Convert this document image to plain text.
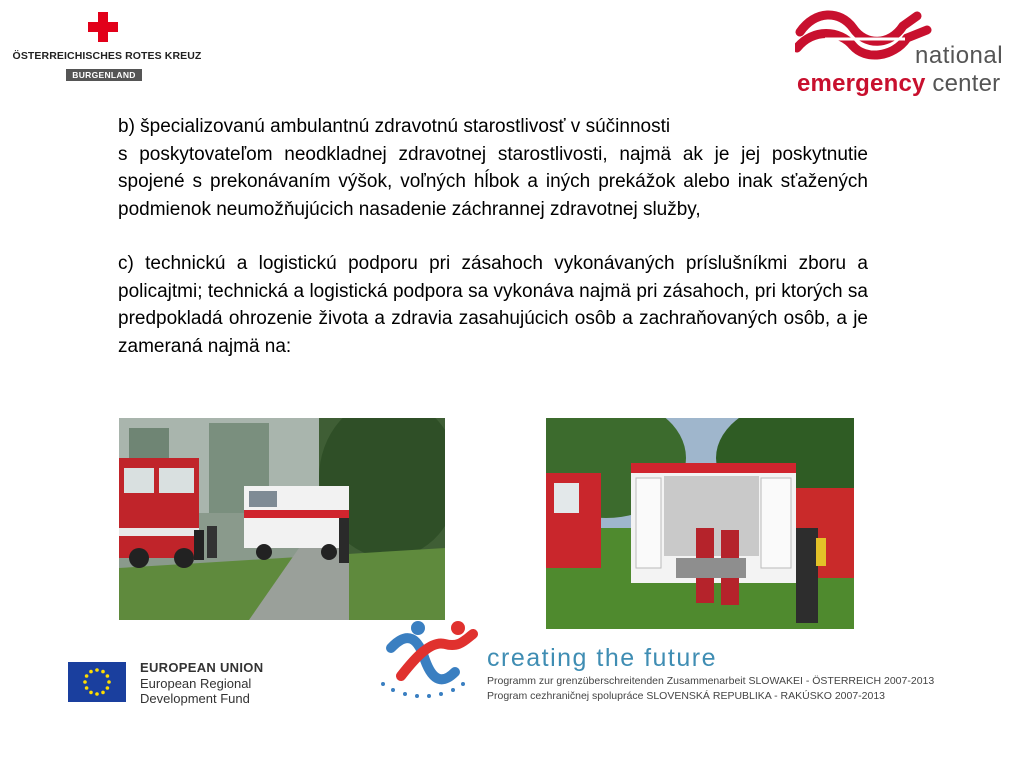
ÖSTERREICHISCHES ROTES KREUZ
BURGENLAND
national
emergency center

b) špecializovanú ambulantnú zdravotnú starostlivosť v súčinnosti

s poskytovateľom neodkladnej zdravotnej starostlivosti, najmä ak je jej poskytnutie spojené s prekonávaním výšok, voľných hĺbok a iných prekážok alebo inak sťažených podmienok neumožňujúcich nasadenie záchrannej zdravotnej služby,

c) technickú a logistickú podporu pri zásahoch vykonávaných príslušníkmi zboru a policajtmi; technická a logistická podpora sa vykonáva najmä pri zásahoch, pri ktorých sa predpokladá ohrozenie života a zdravia zasahujúcich osôb a zachraňovaných osôb, a je zameraná najmä na:

EUROPEAN UNION
European Regional
Development Fund
creating the future
Programm zur grenzüberschreitenden Zusammenarbeit SLOWAKEI - ÖSTERREICH 2007-2013
Program cezhraničnej spolupráce SLOVENSKÁ REPUBLIKA - RAKÚSKO 2007-2013
